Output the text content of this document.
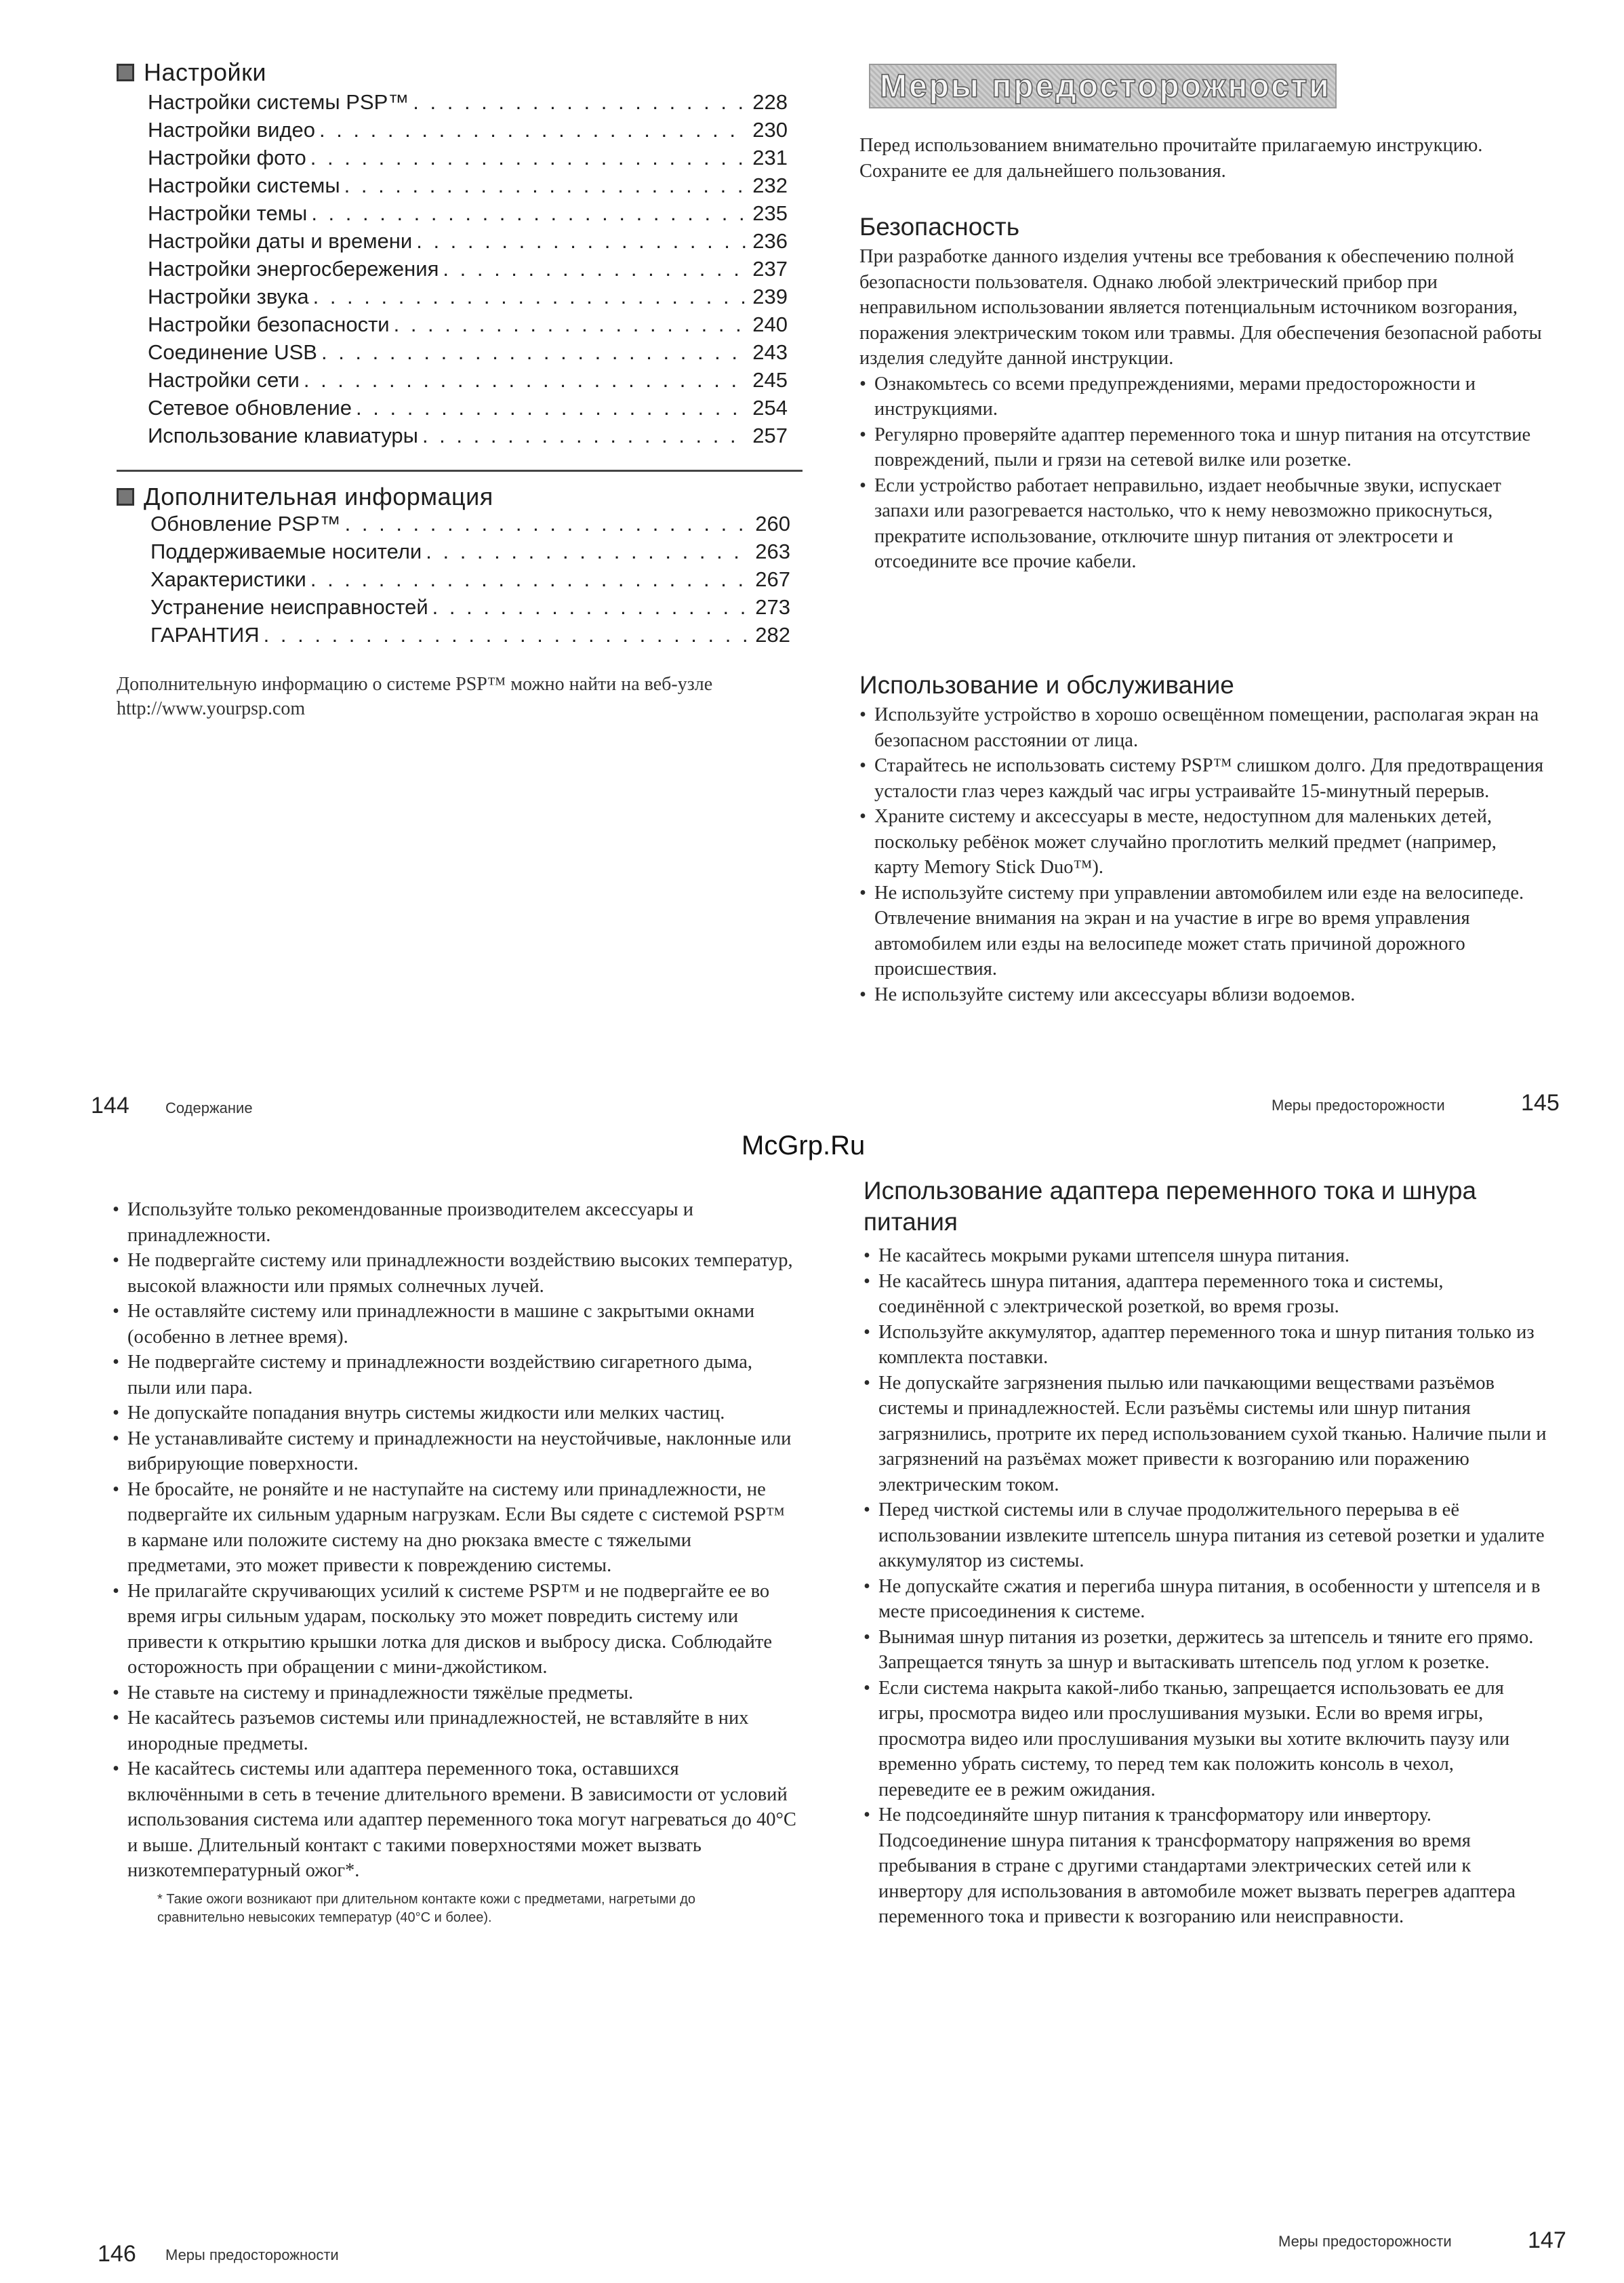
Настройки
Настройки системы PSP™ . . .	228
Настройки видео . . .	230
Настройки фото . . .	231
Настройки системы . . .	232
Настройки темы . . .	235
Настройки даты и времени . . .	236
Настройки энергосбережения . . .	237
Настройки звука . . .	239
Настройки безопасности . . .	240
Соединение USB . . .	243
Настройки сети . . .	245
Сетевое обновление . . .	254
Использование клавиатуры . . .	257
Дополнительная информация
Обновление PSP™ . . .	260
Поддерживаемые носители . . .	263
Характеристики . . .	267
Устранение неисправностей . . .	273
ГАРАНТИЯ . . .	282
Дополнительную информацию о системе PSP™ можно найти на веб-узле http://www.yourpsp.com
Меры предосторожности
Перед использованием внимательно прочитайте прилагаемую инструкцию. Сохраните ее для дальнейшего пользования.
Безопасность
При разработке данного изделия учтены все требования к обеспечению полной безопасности пользователя. Однако любой электрический прибор при неправильном использовании является потенциальным источником возгорания, поражения электрическим током или травмы. Для обеспечения безопасной работы изделия следуйте данной инструкции.
• Ознакомьтесь со всеми предупреждениями, мерами предосторожности и инструкциями.
• Регулярно проверяйте адаптер переменного тока и шнур питания на отсутствие повреждений, пыли и грязи на сетевой вилке или розетке.
• Если устройство работает неправильно, издает необычные звуки, испускает запахи или разогревается настолько, что к нему невозможно прикоснуться, прекратите использование, отключите шнур питания от электросети и отсоедините все прочие кабели.
Использование и обслуживание
• Используйте устройство в хорошо освещённом помещении, располагая экран на безопасном расстоянии от лица.
• Старайтесь не использовать систему PSP™ слишком долго. Для предотвращения усталости глаз через каждый час игры устраивайте 15-минутный перерыв.
• Храните систему и аксессуары в месте, недоступном для маленьких детей, поскольку ребёнок может случайно проглотить мелкий предмет (например, карту Memory Stick Duo™).
• Не используйте систему при управлении автомобилем или езде на велосипеде. Отвлечение внимания на экран и на участие в игре во время управления автомобилем или езды на велосипеде может стать причиной дорожного происшествия.
• Не используйте систему или аксессуары вблизи водоемов.
144 Содержание	Меры предосторожности	145
McGrp.Ru
• Используйте только рекомендованные производителем аксессуары и принадлежности.
• Не подвергайте систему или принадлежности воздействию высоких температур, высокой влажности или прямых солнечных лучей.
• Не оставляйте систему или принадлежности в машине с закрытыми окнами (особенно в летнее время).
• Не подвергайте систему и принадлежности воздействию сигаретного дыма, пыли или пара.
• Не допускайте попадания внутрь системы жидкости или мелких частиц.
• Не устанавливайте систему и принадлежности на неустойчивые, наклонные или вибрирующие поверхности.
• Не бросайте, не роняйте и не наступайте на систему или принадлежности, не подвергайте их сильным ударным нагрузкам. Если Вы сядете с системой PSP™ в кармане или положите систему на дно рюкзака вместе с тяжелыми предметами, это может привести к повреждению системы.
• Не прилагайте скручивающих усилий к системе PSP™ и не подвергайте ее во время игры сильным ударам, поскольку это может повредить систему или привести к открытию крышки лотка для дисков и выбросу диска. Соблюдайте осторожность при обращении с мини-джойстиком.
• Не ставьте на систему и принадлежности тяжёлые предметы.
• Не касайтесь разъемов системы или принадлежностей, не вставляйте в них инородные предметы.
• Не касайтесь системы или адаптера переменного тока, оставшихся включёнными в сеть в течение длительного времени. В зависимости от условий использования система или адаптер переменного тока могут нагреваться до 40°C и выше. Длительный контакт с такими поверхностями может вызвать низкотемпературный ожог*.
* Такие ожоги возникают при длительном контакте кожи с предметами, нагретыми до сравнительно невысоких температур (40°C и более).
Использование адаптера переменного тока и шнура питания
• Не касайтесь мокрыми руками штепселя шнура питания.
• Не касайтесь шнура питания, адаптера переменного тока и системы, соединённой с электрической розеткой, во время грозы.
• Используйте аккумулятор, адаптер переменного тока и шнур питания только из комплекта поставки.
• Не допускайте загрязнения пылью или пачкающими веществами разъёмов системы и принадлежностей. Если разъёмы системы или шнур питания загрязнились, протрите их перед использованием сухой тканью. Наличие пыли и загрязнений на разъёмах может привести к возгоранию или поражению электрическим током.
• Перед чисткой системы или в случае продолжительного перерыва в её использовании извлеките штепсель шнура питания из сетевой розетки и удалите аккумулятор из системы.
• Не допускайте сжатия и перегиба шнура питания, в особенности у штепселя и в месте присоединения к системе.
• Вынимая шнур питания из розетки, держитесь за штепсель и тяните его прямо. Запрещается тянуть за шнур и вытаскивать штепсель под углом к розетке.
• Если система накрыта какой-либо тканью, запрещается использовать ее для игры, просмотра видео или прослушивания музыки. Если во время игры, просмотра видео или прослушивания музыки вы хотите включить паузу или временно убрать систему, то перед тем как положить консоль в чехол, переведите ее в режим ожидания.
• Не подсоединяйте шнур питания к трансформатору или инвертору. Подсоединение шнура питания к трансформатору напряжения во время пребывания в стране с другими стандартами электрических сетей или к инвертору для использования в автомобиле может вызвать перегрев адаптера переменного тока и привести к возгоранию или неисправности.
146 Меры предосторожности
Меры предосторожности	147
